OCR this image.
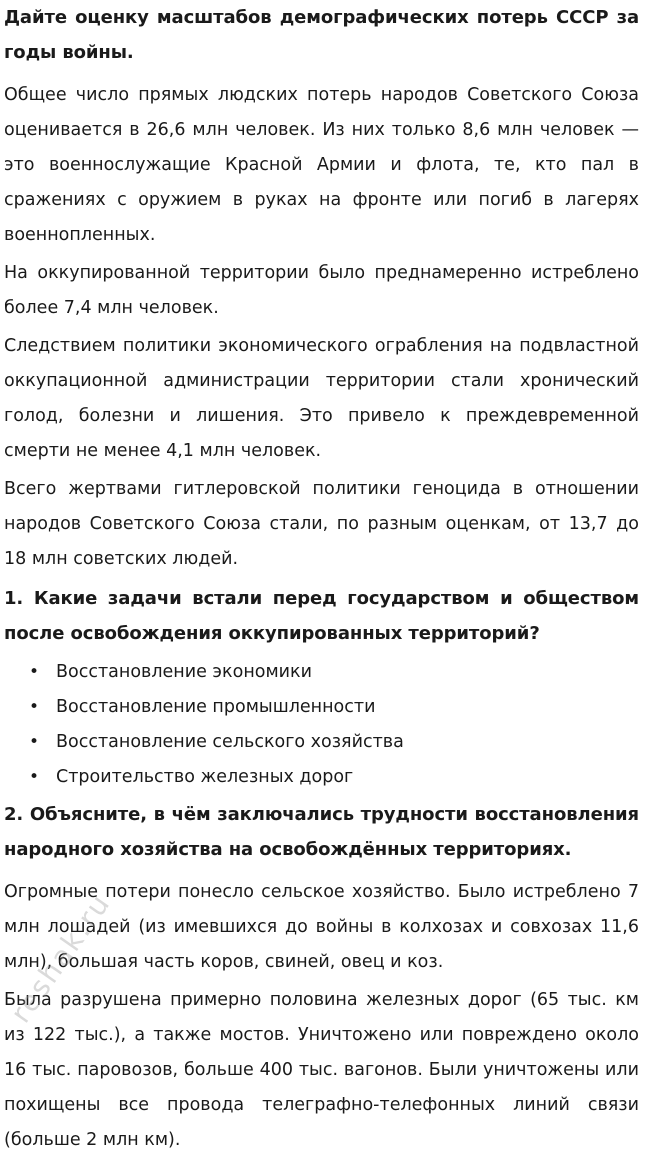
Дайте оценку масштабов демографических потерь СССР за годы войны.

Общее число прямых людских потерь народов Советского Союза оценивается в 26,6 млн человек. Из них только 8,6 млн человек — это военнослужащие Красной Армии и флота, те, кто пал в сражениях с оружием в руках на фронте или погиб в лагерях военнопленных.

На оккупированной территории было преднамеренно истреблено более 7,4 млн человек.

Следствием политики экономического ограбления на подвластной оккупационной администрации территории стали хронический голод, болезни и лишения. Это привело к преждевременной смерти не менее 4,1 млн человек.

Всего жертвами гитлеровской политики геноцида в отношении народов Советского Союза стали, по разным оценкам, от 13,7 до 18 млн советских людей.

1. Какие задачи встали перед государством и обществом после освобождения оккупированных территорий?
• Восстановление экономики
• Восстановление промышленности
• Восстановление сельского хозяйства
• Строительство железных дорог
2. Объясните, в чём заключались трудности восстановления народного хозяйства на освобождённых территориях.

Огромные потери понесло сельское хозяйство. Было истреблено 7 млн лошадей (из имевшихся до войны в колхозах и совхозах 11,6 млн), большая часть коров, свиней, овец и коз.

Была разрушена примерно половина железных дорог (65 тыс. км из 122 тыс.), а также мостов. Уничтожено или повреждено около 16 тыс. паровозов, больше 400 тыс. вагонов. Были уничтожены или похищены все провода телеграфно-телефонных линий связи (больше 2 млн км).

reshak.ru
